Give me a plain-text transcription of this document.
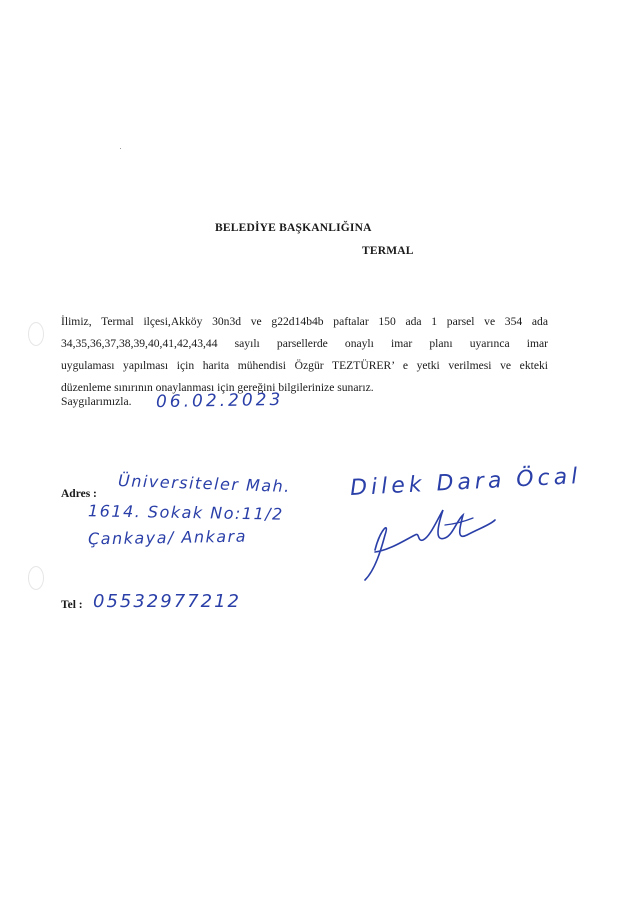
BELEDİYE BAŞKANLIĞINA
TERMAL

İlimiz, Termal ilçesi,Akköy 30n3d ve g22d14b4b paftalar 150 ada 1 parsel ve 354 ada

34,35,36,37,38,39,40,41,42,43,44 sayılı parsellerde onaylı imar planı uyarınca imar

uygulaması yapılması için harita mühendisi Özgür TEZTÜRER’ e yetki verilmesi ve ekteki

düzenleme sınırının onaylanması için gereğini bilgilerinize sunarız.

Saygılarımızla. 06.02.2023
Adres : Üniversiteler Mah.
1614. Sokak No:11/2
Çankaya/ Ankara
Dilek Dara Öcal
Tel : 05532977212
